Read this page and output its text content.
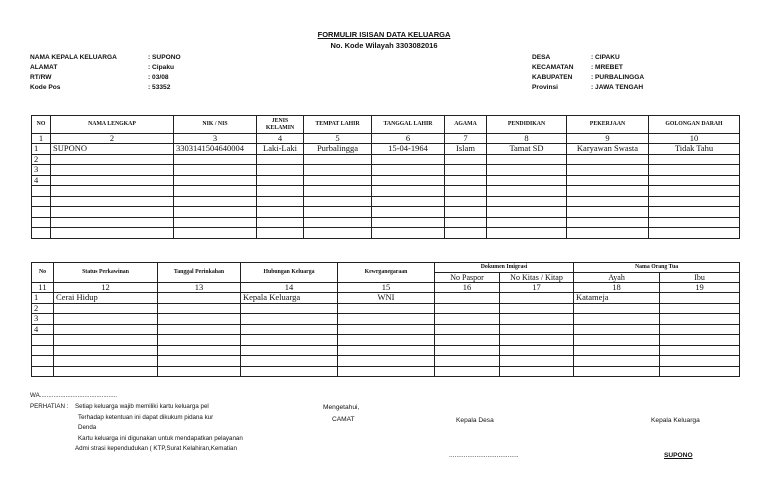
FORMULIR ISISAN DATA KELUARGA
No. Kode Wilayah 3303082016
NAMA KEPALA KELUARGA	: SUPONO
ALAMAT	: Cipaku
RT/RW	: 03/08
Kode Pos	: 53352
DESA	: CIPAKU
KECAMATAN	: MREBET
KABUPATEN	: PURBALINGGA
Provinsi	: JAWA TENGAH
NO	NAMA LENGKAP	NIK / NIS	JENIS KELAMIN	TEMPAT LAHIR	TANGGAL LAHIR	AGAMA	PENDIDIKAN	PEKERJAAN	GOLONGAN DARAH
1	2	3	4	5	6	7	8	9	10
1	SUPONO	3303141504640004	Laki-Laki	Purbalingga	15-04-1964	Islam	Tamat SD	Karyawan Swasta	Tidak Tahu
2									
3									
4									

No	Status Perkawinan	Tanggal Perinkahan	Hubungan Keluarga	Kewrganegaraan	Dokumen Imigrasi		Nama Orang Tua	
					No Paspor	No Kitas / Kitap	Ayah	Ibu
11	12	13	14	15	16	17	18	19
1	Cerai Hidup		Kepala Keluarga	WNI			Katameja	
2								
3								
4								

WA.............................................
PERHATIAN : Setiap keluarga wajib memiliki kartu keluarga pel
Terhadap ketentuan ini dapat dikukum pidana kur
Denda
Kartu keluarga ini digunakan untuk mendapatkan pelayanan
Admi strasi kependudukan ( KTP,Surat Kelahiran,Kematian
Mengetahui,
CAMAT	Kepala Desa	Kepala Keluarga
......................................	SUPONO
